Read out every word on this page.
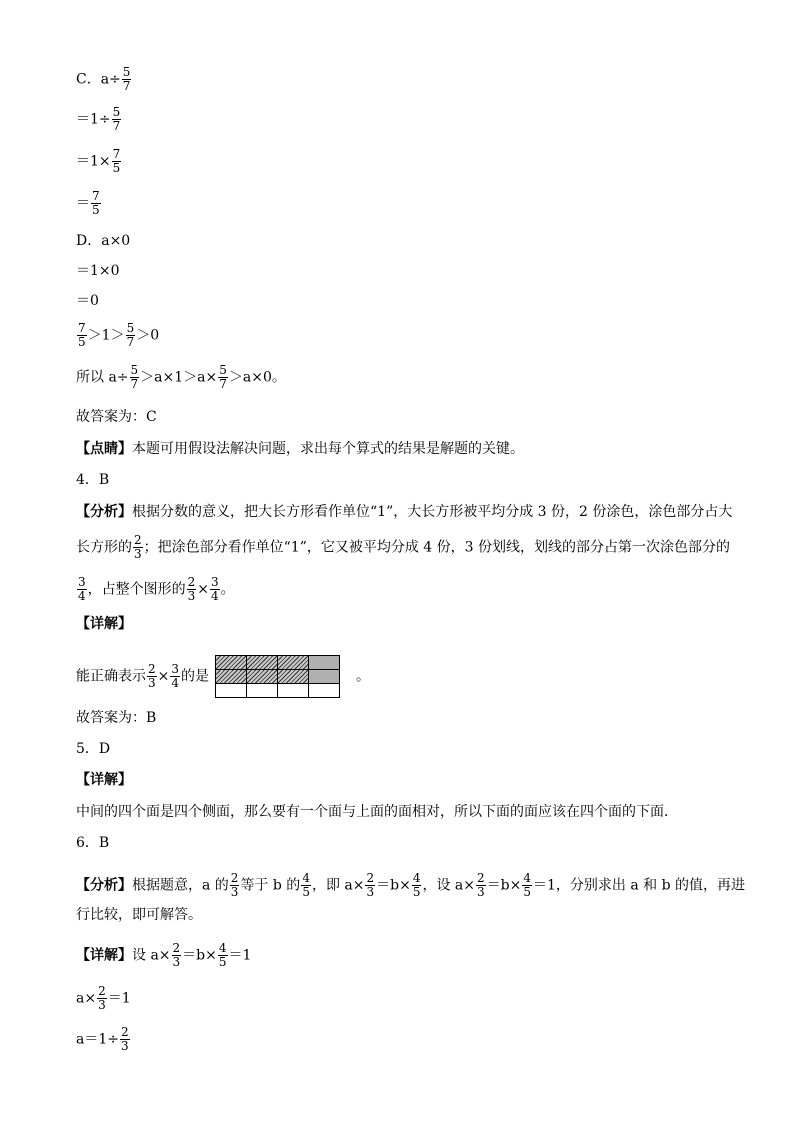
C．$a\div \frac{5}{7}$
$=1\div \frac{5}{7}$
$=1\times \frac{7}{5}$
＝ $\frac{7}{5}$
D．a×0
＝1×0
＝0
$\frac{7}{5} >1> \frac{5}{7} >0$
所以 $a\div \frac{5}{7} >a\times 1>a\times \frac{5}{7} >a\times 0$。
故答案为：C
【点睛】本题可用假设法解决问题，求出每个算式的结果是解题的关键。
4．B
【分析】根据分数的意义，把大长方形看作单位“1”，大长方形被平均分成 3 份，2 份涂色，涂色部分占大
长方形的 $\frac{2}{3}$ ；把涂色部分看作单位“1”，它又被平均分成 4 份，3 份划线，划线的部分占第一次涂色部分的
$\frac{3}{4}$ ，占整个图形的 $\frac{2}{3} \times \frac{3}{4}$ 。
【详解】
能正确表示 $\frac{2}{3} \times \frac{3}{4}$ 的是			

				。
故答案为：B
5．D
【详解】
中间的四个面是四个侧面，那么要有一个面与上面的面相对，所以下面的面应该在四个面的下面．
6．B
【分析】根据题意，a 的 $\frac{2}{3}$ 等于 b 的 $\frac{4}{5}$ ，即 $a\times \frac{2}{3} =b\times \frac{4}{5}$ ，设 $a\times \frac{2}{3} =b\times \frac{4}{5} =1$，分别求出 a 和 b 的值，再进
行比较，即可解答。
【详解】设 $a\times \frac{2}{3} =b\times \frac{4}{5} =1$
$a\times \frac{2}{3} =1$
$a=1\div \frac{2}{3}$
